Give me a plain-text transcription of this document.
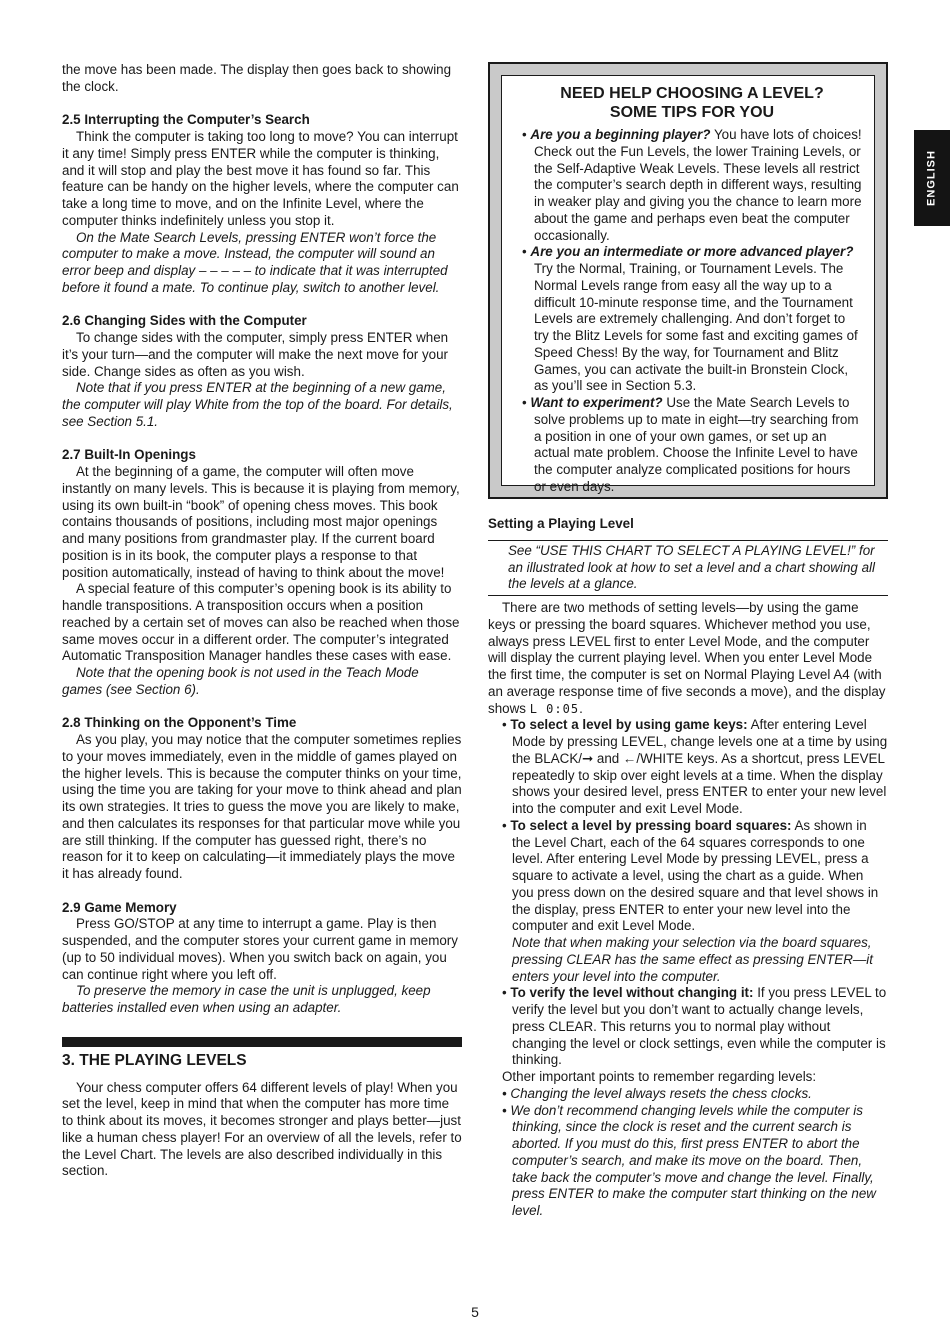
ENGLISH

the move has been made. The display then goes back to showing the clock.

2.5 Interrupting the Computer’s Search

Think the computer is taking too long to move? You can interrupt it any time! Simply press ENTER while the computer is thinking, and it will stop and play the best move it has found so far. This feature can be handy on the higher levels, where the computer can take a long time to move, and on the Infinite Level, where the computer thinks indefinitely unless you stop it.

On the Mate Search Levels, pressing ENTER won’t force the computer to make a move. Instead, the computer will sound an error beep and display – – – – – to indicate that it was interrupted before it found a mate. To continue play, switch to another level.

2.6 Changing Sides with the Computer

To change sides with the computer, simply press ENTER when it’s your turn—and the computer will make the next move for your side. Change sides as often as you wish.

Note that if you press ENTER at the beginning of a new game, the computer will play White from the top of the board. For details, see Section 5.1.

2.7 Built-In Openings

At the beginning of a game, the computer will often move instantly on many levels. This is because it is playing from memory, using its own built-in “book” of opening chess moves. This book contains thousands of positions, including most major openings and many positions from grandmaster play. If the current board position is in its book, the computer plays a response to that position automatically, instead of having to think about the move!

A special feature of this computer’s opening book is its ability to handle transpositions. A transposition occurs when a position reached by a certain set of moves can also be reached when those same moves occur in a different order. The computer’s integrated Automatic Transposition Manager handles these cases with ease.

Note that the opening book is not used in the Teach Mode games (see Section 6).

2.8 Thinking on the Opponent’s Time

As you play, you may notice that the computer sometimes replies to your moves immediately, even in the middle of games played on the higher levels. This is because the computer thinks on your time, using the time you are taking for your move to think ahead and plan its own strategies. It tries to guess the move you are likely to make, and then calculates its responses for that particular move while you are still thinking. If the computer has guessed right, there’s no reason for it to keep on calculating—it immediately plays the move it has already found.

2.9 Game Memory

Press GO/STOP at any time to interrupt a game. Play is then suspended, and the computer stores your current game in memory (up to 50 individual moves). When you switch back on again, you can continue right where you left off.

To preserve the memory in case the unit is unplugged, keep batteries installed even when using an adapter.

3. THE PLAYING LEVELS

Your chess computer offers 64 different levels of play! When you set the level, keep in mind that when the computer has more time to think about its moves, it becomes stronger and plays better—just like a human chess player! For an overview of all the levels, refer to the Level Chart. The levels are also described individually in this section.

NEED HELP CHOOSING A LEVEL?
SOME TIPS FOR YOU

• Are you a beginning player? You have lots of choices! Check out the Fun Levels, the lower Training Levels, or the Self-Adaptive Weak Levels. These levels all restrict the computer’s search depth in different ways, resulting in weaker play and giving you the chance to learn more about the game and perhaps even beat the computer occasionally.

• Are you an intermediate or more advanced player? Try the Normal, Training, or Tournament Levels. The Normal Levels range from easy all the way up to a difficult 10-minute response time, and the Tournament Levels are extremely challenging. And don’t forget to try the Blitz Levels for some fast and exciting games of Speed Chess! By the way, for Tournament and Blitz Games, you can activate the built-in Bronstein Clock, as you’ll see in Section 5.3.

• Want to experiment? Use the Mate Search Levels to solve problems up to mate in eight—try searching from a position in one of your own games, or set up an actual mate problem. Choose the Infinite Level to have the computer analyze complicated positions for hours or even days.

Setting a Playing Level

See “USE THIS CHART TO SELECT A PLAYING LEVEL!” for an illustrated look at how to set a level and a chart showing all the levels at a glance.

There are two methods of setting levels—by using the game keys or pressing the board squares. Whichever method you use, always press LEVEL first to enter Level Mode, and the computer will display the current playing level. When you enter Level Mode the first time, the computer is set on Normal Playing Level A4 (with an average response time of five seconds a move), and the display shows L 0:05.

• To select a level by using game keys: After entering Level Mode by pressing LEVEL, change levels one at a time by using the BLACK/➞ and ←/WHITE keys. As a shortcut, press LEVEL repeatedly to skip over eight levels at a time. When the display shows your desired level, press ENTER to enter your new level into the computer and exit Level Mode.

• To select a level by pressing board squares: As shown in the Level Chart, each of the 64 squares corresponds to one level. After entering Level Mode by pressing LEVEL, press a square to activate a level, using the chart as a guide. When you press down on the desired square and that level shows in the display, press ENTER to enter your new level into the computer and exit Level Mode.

Note that when making your selection via the board squares, pressing CLEAR has the same effect as pressing ENTER—it enters your level into the computer.

• To verify the level without changing it: If you press LEVEL to verify the level but you don’t want to actually change levels, press CLEAR. This returns you to normal play without changing the level or clock settings, even while the computer is thinking.

Other important points to remember regarding levels:

• Changing the level always resets the chess clocks.

• We don’t recommend changing levels while the computer is thinking, since the clock is reset and the current search is aborted. If you must do this, first press ENTER to abort the computer’s search, and make its move on the board. Then, take back the computer’s move and change the level. Finally, press ENTER to make the computer start thinking on the new level.

5
